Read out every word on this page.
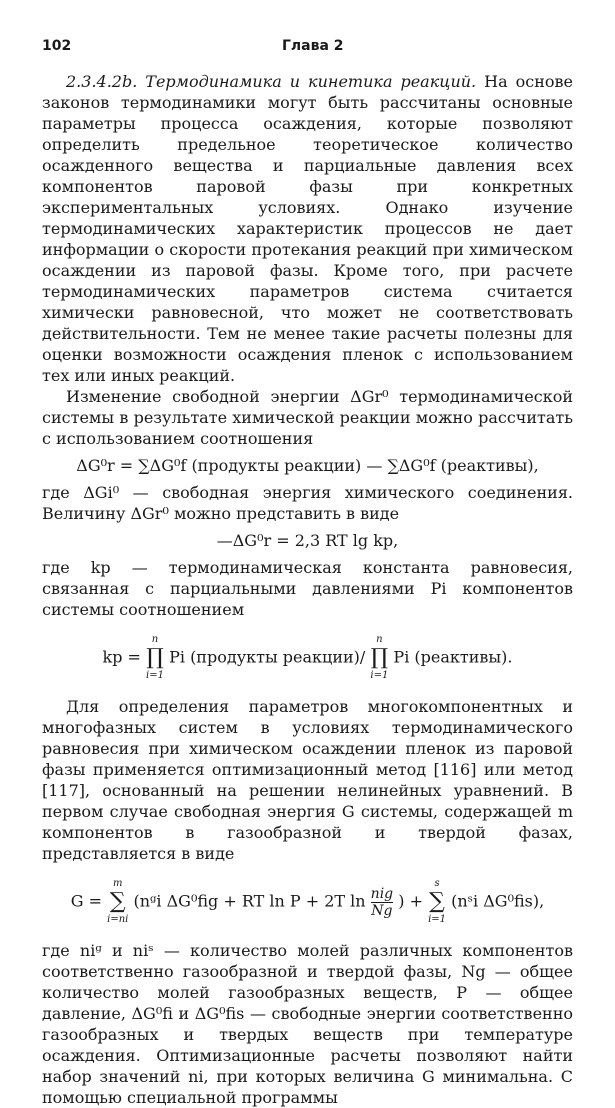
102	Глава 2

2.3.4.2b. Термодинамика и кинетика реакций. На основе законов термодинамики могут быть рассчитаны основные параметры процесса осаждения, которые позволяют определить предельное теоретическое количество осажденного вещества и парциальные давления всех компонентов паровой фазы при конкретных экспериментальных условиях. Однако изучение термодинамических характеристик процессов не дает информации о скорости протекания реакций при химическом осаждении из паровой фазы. Кроме того, при расчете термодинамических параметров система считается химически равновесной, что может не соответствовать действительности. Тем не менее такие расчеты полезны для оценки возможности осаждения пленок с использованием тех или иных реакций.

Изменение свободной энергии ΔGr⁰ термодинамической системы в результате химической реакции можно рассчитать с использованием соотношения

ΔG⁰r = ∑ΔG⁰f (продукты реакции) — ∑ΔG⁰f (реактивы),

где ΔGi⁰ — свободная энергия химического соединения. Величину ΔGr⁰ можно представить в виде

—ΔG⁰r = 2,3 RT lg kp,

где kp — термодинамическая константа равновесия, связанная с парциальными давлениями Pi компонентов системы соотношением

kp =
n
∏
i=1
Pi (продукты реакции)/
n
∏
i=1
Pi (реактивы).

Для определения параметров многокомпонентных и многофазных систем в условиях термодинамического равновесия при химическом осаждении пленок из паровой фазы применяется оптимизационный метод [116] или метод [117], основанный на решении нелинейных уравнений. В первом случае свободная энергия G системы, содержащей m компонентов в газообразной и твердой фазах, представляется в виде

G =
m
∑
i=ni
(nᵍi ΔG⁰fig + RT ln P + 2T $\ln \frac{\text{nig}}{Ng}$ ) +
s
∑
i=1
(nˢi ΔG⁰fis),

где niᵍ и niˢ — количество молей различных компонентов соответственно газообразной и твердой фазы, Ng — общее количество молей газообразных веществ, P — общее давление, ΔG⁰fi и ΔG⁰fis — свободные энергии соответственно газообразных и твердых веществ при температуре осаждения. Оптимизационные расчеты позволяют найти набор значений ni, при которых величина G минимальна. С помощью специальной программы
